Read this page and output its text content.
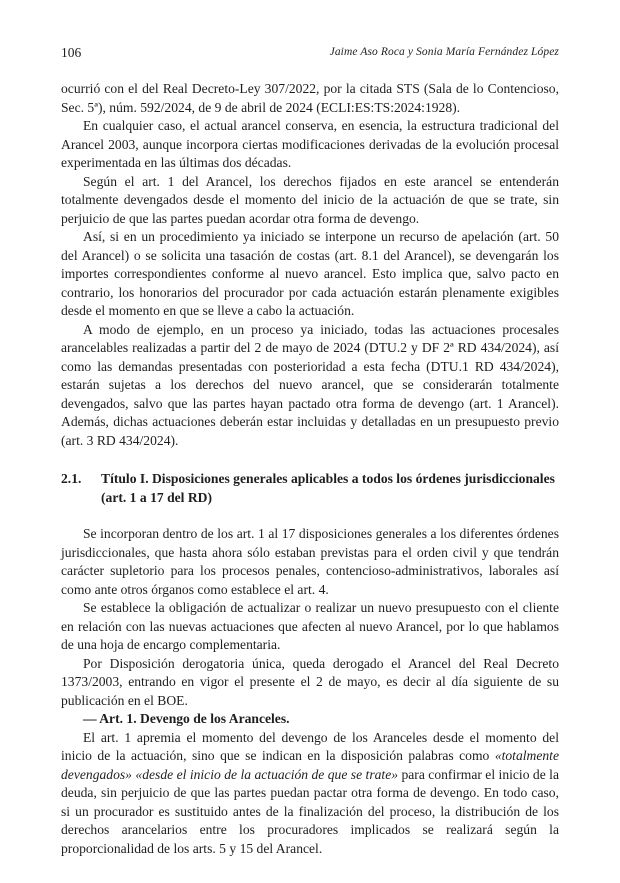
106	Jaime Aso Roca y Sonia María Fernández López

ocurrió con el del Real Decreto-Ley 307/2022, por la citada STS (Sala de lo Contencioso, Sec. 5ª), núm. 592/2024, de 9 de abril de 2024 (ECLI:ES:TS:2024:1928).

En cualquier caso, el actual arancel conserva, en esencia, la estructura tradicional del Arancel 2003, aunque incorpora ciertas modificaciones derivadas de la evolución procesal experimentada en las últimas dos décadas.

Según el art. 1 del Arancel, los derechos fijados en este arancel se entenderán totalmente devengados desde el momento del inicio de la actuación de que se trate, sin perjuicio de que las partes puedan acordar otra forma de devengo.

Así, si en un procedimiento ya iniciado se interpone un recurso de apelación (art. 50 del Arancel) o se solicita una tasación de costas (art. 8.1 del Arancel), se devengarán los importes correspondientes conforme al nuevo arancel. Esto implica que, salvo pacto en contrario, los honorarios del procurador por cada actuación estarán plenamente exigibles desde el momento en que se lleve a cabo la actuación.

A modo de ejemplo, en un proceso ya iniciado, todas las actuaciones procesales arancelables realizadas a partir del 2 de mayo de 2024 (DTU.2 y DF 2ª RD 434/2024), así como las demandas presentadas con posterioridad a esta fecha (DTU.1 RD 434/2024), estarán sujetas a los derechos del nuevo arancel, que se considerarán totalmente devengados, salvo que las partes hayan pactado otra forma de devengo (art. 1 Arancel). Además, dichas actuaciones deberán estar incluidas y detalladas en un presupuesto previo (art. 3 RD 434/2024).

2.1.	Título I. Disposiciones generales aplicables a todos los órdenes jurisdiccionales (art. 1 a 17 del RD)

Se incorporan dentro de los art. 1 al 17 disposiciones generales a los diferentes órdenes jurisdiccionales, que hasta ahora sólo estaban previstas para el orden civil y que tendrán carácter supletorio para los procesos penales, contencioso-administrativos, laborales así como ante otros órganos como establece el art. 4.

Se establece la obligación de actualizar o realizar un nuevo presupuesto con el cliente en relación con las nuevas actuaciones que afecten al nuevo Arancel, por lo que hablamos de una hoja de encargo complementaria.

Por Disposición derogatoria única, queda derogado el Arancel del Real Decreto 1373/2003, entrando en vigor el presente el 2 de mayo, es decir al día siguiente de su publicación en el BOE.

— Art. 1. Devengo de los Aranceles.

El art. 1 apremia el momento del devengo de los Aranceles desde el momento del inicio de la actuación, sino que se indican en la disposición palabras como «totalmente devengados» «desde el inicio de la actuación de que se trate» para confirmar el inicio de la deuda, sin perjuicio de que las partes puedan pactar otra forma de devengo. En todo caso, si un procurador es sustituido antes de la finalización del proceso, la distribución de los derechos arancelarios entre los procuradores implicados se realizará según la proporcionalidad de los arts. 5 y 15 del Arancel.
